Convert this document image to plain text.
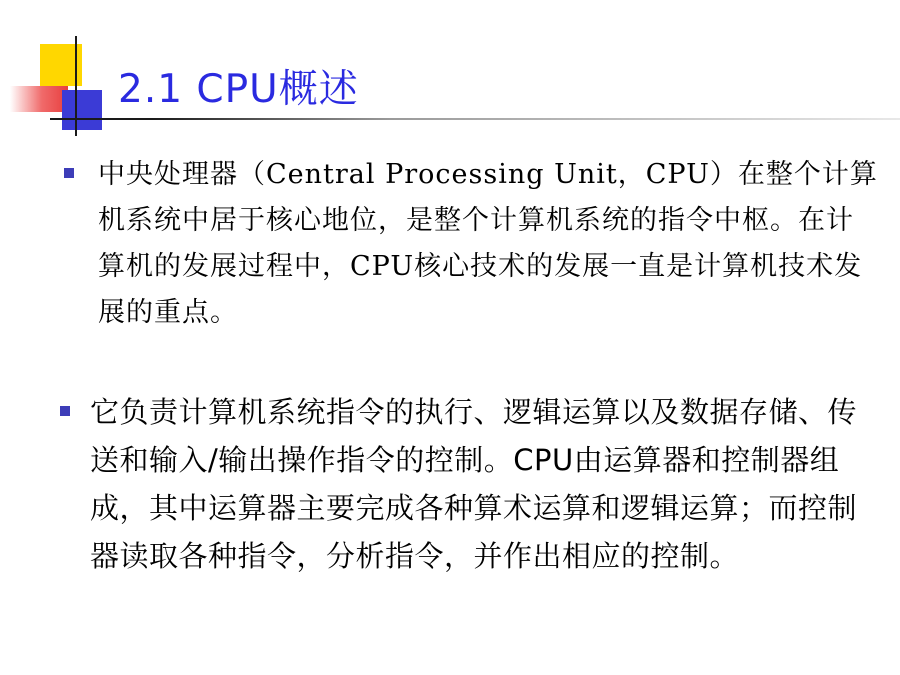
2.1 CPU概述

中央处理器（Central Processing Unit，CPU）在整个计算机系统中居于核心地位，是整个计算机系统的指令中枢。在计算机的发展过程中，CPU核心技术的发展一直是计算机技术发展的重点。

它负责计算机系统指令的执行、逻辑运算以及数据存储、传送和输入/输出操作指令的控制。CPU由运算器和控制器组成，其中运算器主要完成各种算术运算和逻辑运算；而控制器读取各种指令，分析指令，并作出相应的控制。
